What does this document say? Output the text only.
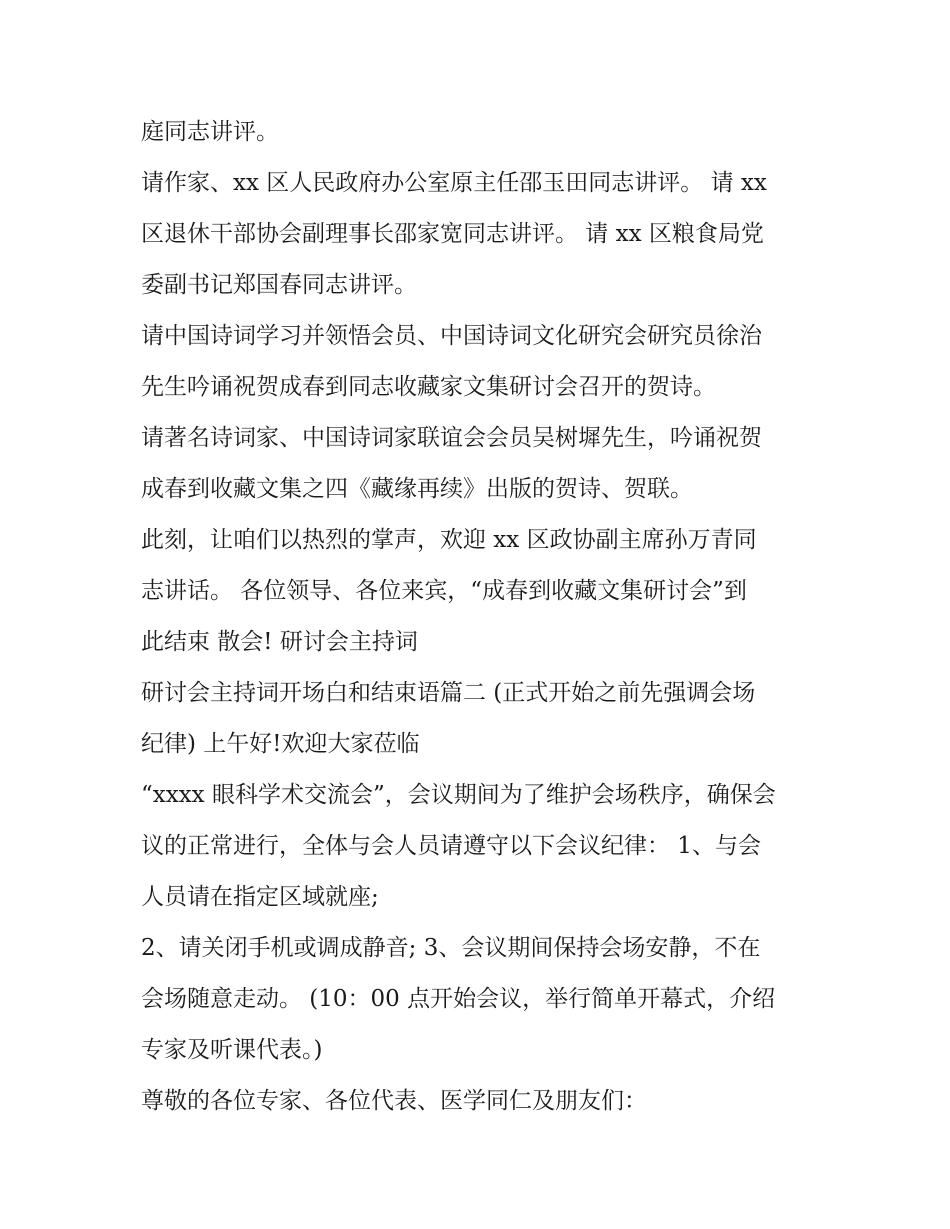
庭同志讲评。
请作家、xx 区人民政府办公室原主任邵玉田同志讲评。 请 xx
区退休干部协会副理事长邵家宽同志讲评。 请 xx 区粮食局党
委副书记郑国春同志讲评。
请中国诗词学习并领悟会员、中国诗词文化研究会研究员徐治
先生吟诵祝贺成春到同志收藏家文集研讨会召开的贺诗。
请著名诗词家、中国诗词家联谊会会员吴树墀先生，吟诵祝贺
成春到收藏文集之四《藏缘再续》出版的贺诗、贺联。
此刻，让咱们以热烈的掌声，欢迎 xx 区政协副主席孙万青同
志讲话。 各位领导、各位来宾，“成春到收藏文集研讨会”到
此结束 散会! 研讨会主持词
研讨会主持词开场白和结束语篇二 (正式开始之前先强调会场
纪律) 上午好!欢迎大家莅临
“xxxx 眼科学术交流会”，会议期间为了维护会场秩序，确保会
议的正常进行，全体与会人员请遵守以下会议纪律： 1、与会
人员请在指定区域就座;
2、请关闭手机或调成静音; 3、会议期间保持会场安静，不在
会场随意走动。 (10：00 点开始会议，举行简单开幕式，介绍
专家及听课代表。)
尊敬的各位专家、各位代表、医学同仁及朋友们：
